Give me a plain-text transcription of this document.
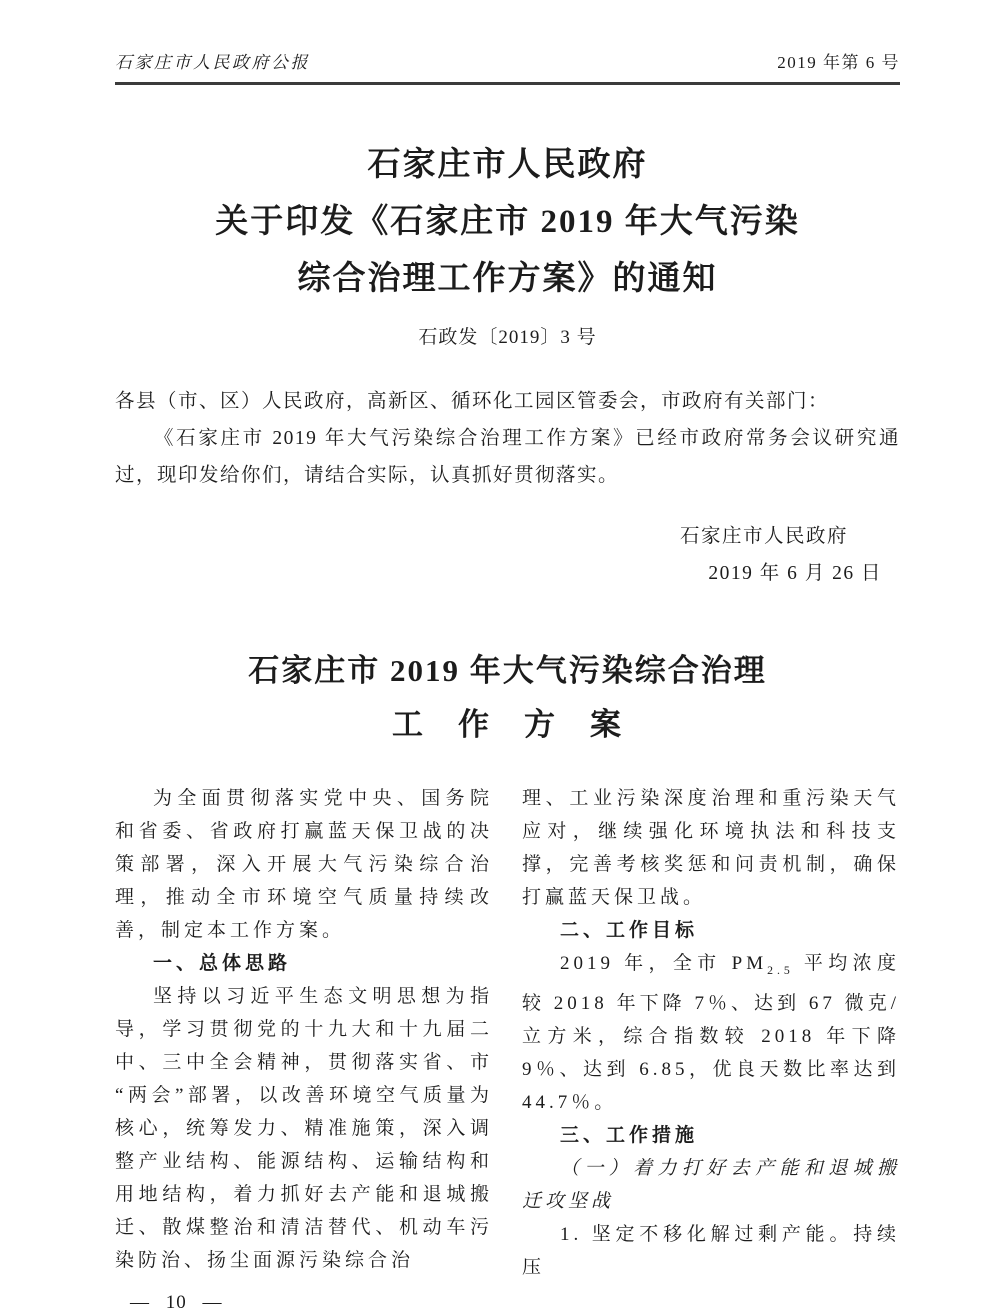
石家庄市人民政府公报	2019 年第 6 号
石家庄市人民政府
关于印发《石家庄市 2019 年大气污染
综合治理工作方案》的通知
石政发〔2019〕3 号

各县（市、区）人民政府，高新区、循环化工园区管委会，市政府有关部门：

《石家庄市 2019 年大气污染综合治理工作方案》已经市政府常务会议研究通过，现印发给你们，请结合实际，认真抓好贯彻落实。

石家庄市人民政府
2019 年 6 月 26 日
石家庄市 2019 年大气污染综合治理
工　作　方　案

为全面贯彻落实党中央、国务院和省委、省政府打赢蓝天保卫战的决策部署，深入开展大气污染综合治理，推动全市环境空气质量持续改善，制定本工作方案。

一、总体思路

坚持以习近平生态文明思想为指导，学习贯彻党的十九大和十九届二中、三中全会精神，贯彻落实省、市“两会”部署，以改善环境空气质量为核心，统筹发力、精准施策，深入调整产业结构、能源结构、运输结构和用地结构，着力抓好去产能和退城搬迁、散煤整治和清洁替代、机动车污染防治、扬尘面源污染综合治

理、工业污染深度治理和重污染天气应对，继续强化环境执法和科技支撑，完善考核奖惩和问责机制，确保打赢蓝天保卫战。

二、工作目标

2019 年，全市 $PM_{2.5}$ 平均浓度较 2018 年下降 7％、达到 67 微克/立方米，综合指数较 2018 年下降 9％、达到 6.85，优良天数比率达到 44.7％。

三、工作措施

（一）着力打好去产能和退城搬迁攻坚战

1. 坚定不移化解过剩产能。持续压

— 10 —
